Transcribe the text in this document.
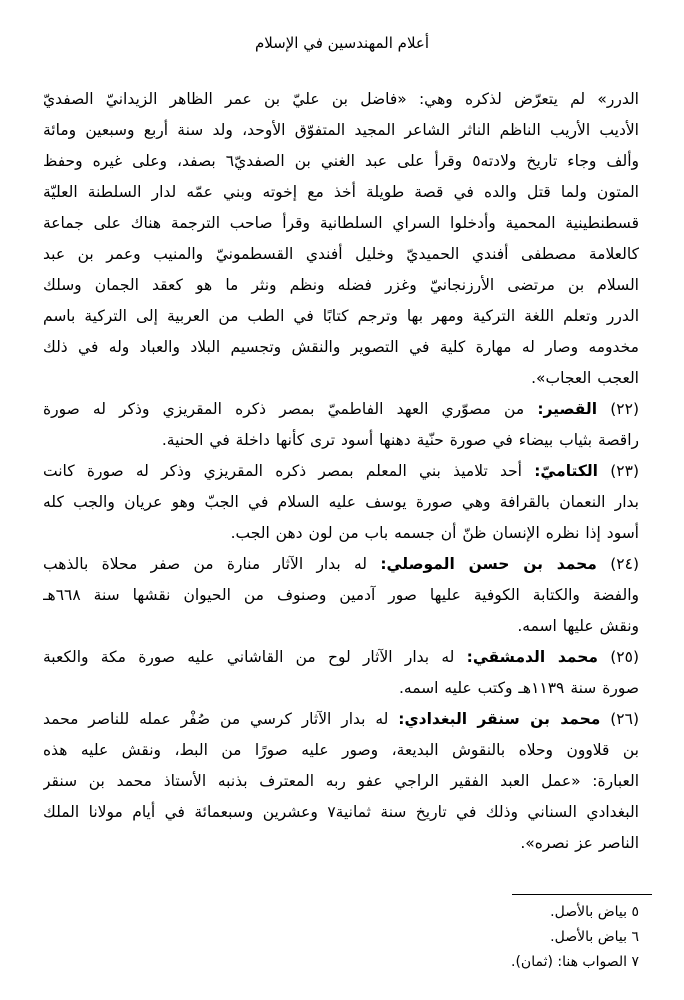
أعلام المهندسين في الإسلام
الدرر» لم يتعرّض لذكره وهي: «فاضل بن عليّ بن عمر الظاهر الزيدانيّ الصفديّ
الأديب الأريب الناظم الناثر الشاعر المجيد المتفوّق الأوحد، ولد سنة أربع وسبعين ومائة
وألف وجاء تاريخ ولادته٥ وقرأ على عبد الغني بن الصفديّ٦ بصفد، وعلى غيره وحفظ
المتون ولما قتل والده في قصة طويلة أخذ مع إخوته وبني عمّه لدار السلطنة العليّة
قسطنطينية المحمية وأدخلوا السراي السلطانية وقرأ صاحب الترجمة هناك على جماعة
كالعلامة مصطفى أفندي الحميديّ وخليل أفندي القسطمونيّ والمنيب وعمر بن عبد
السلام بن مرتضى الأرزنجانيّ وغزر فضله ونظم ونثر ما هو كعقد الجمان وسلك
الدرر وتعلم اللغة التركية ومهر بها وترجم كتابًا في الطب من العربية إلى التركية باسم
مخدومه وصار له مهارة كلية في التصوير والنقش وتجسيم البلاد والعباد وله في ذلك
العجب العجاب».
(٢٢) القصير: من مصوّري العهد الفاطميّ بمصر ذكره المقريزي وذكر له صورة
راقصة بثياب بيضاء في صورة حنّية دهنها أسود ترى كأنها داخلة في الحنية.
(٢٣) الكتاميّ: أحد تلاميذ بني المعلم بمصر ذكره المقريزي وذكر له صورة كانت
بدار النعمان بالقرافة وهي صورة يوسف عليه السلام في الجبّ وهو عريان والجب كله
أسود إذا نظره الإنسان ظنّ أن جسمه باب من لون دهن الجب.
(٢٤) محمد بن حسن الموصلي: له بدار الآثار منارة من صفر محلاة بالذهب
والفضة والكتابة الكوفية عليها صور آدمين وصنوف من الحيوان نقشها سنة ٦٦٨هـ
ونقش عليها اسمه.
(٢٥) محمد الدمشقي: له بدار الآثار لوح من القاشاني عليه صورة مكة والكعبة
صورة سنة ١١٣٩هـ وكتب عليه اسمه.
(٢٦) محمد بن سنقر البغدادي: له بدار الآثار كرسي من صُفْر عمله للناصر محمد
بن قلاوون وحلاه بالنقوش البديعة، وصور عليه صورًا من البط، ونقش عليه هذه
العبارة: «عمل العبد الفقير الراجي عفو ربه المعترف بذنبه الأستاذ محمد بن سنقر
البغدادي السناني وذلك في تاريخ سنة ثمانية٧ وعشرين وسبعمائة في أيام مولانا الملك
الناصر عز نصره».
٥ بياض بالأصل.
٦ بياض بالأصل.
٧ الصواب هنا: (ثمان).
